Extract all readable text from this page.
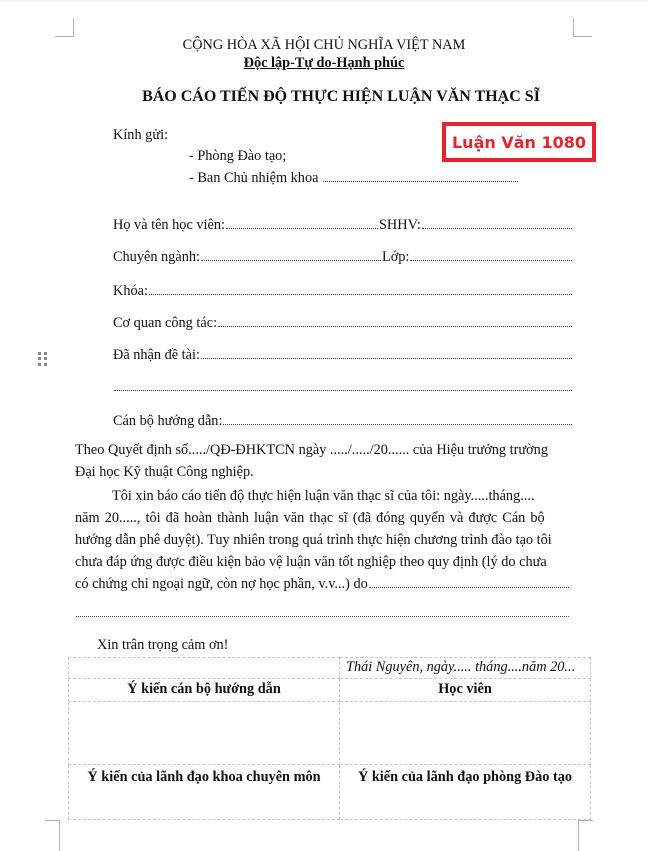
CỘNG HÒA XÃ HỘI CHỦ NGHĨA VIỆT NAM
Độc lập-Tự do-Hạnh phúc
BÁO CÁO TIẾN ĐỘ THỰC HIỆN LUẬN VĂN THẠC SĨ
Kính gửi:
- Phòng Đào tạo;
- Ban Chủ nhiệm khoa
Luận Văn 1080
Họ và tên học viên:	SHHV:
Chuyên ngành:	Lớp:
Khóa:
Cơ quan công tác:
Đã nhận đề tài:
Cán bộ hướng dẫn:
Theo Quyết định số...../QĐ-ĐHKTCN ngày ...../...../20...... của Hiệu trưởng trường
Đại học Kỹ thuật Công nghiệp.
Tôi xin báo cáo tiến độ thực hiện luận văn thạc sĩ của tôi: ngày.....tháng....
năm 20....., tôi đã hoàn thành luận văn thạc sĩ (đã đóng quyển và được Cán bộ
hướng dẫn phê duyệt). Tuy nhiên trong quá trình thực hiện chương trình đào tạo tôi
chưa đáp ứng được điều kiện bảo vệ luận văn tốt nghiệp theo quy định (lý do chưa
có chứng chỉ ngoại ngữ, còn nợ học phần, v.v...) do
Xin trân trọng cảm ơn!
	Thái Nguyên, ngày..... tháng....năm 20...
Ý kiến cán bộ hướng dẫn	Học viên

Ý kiến của lãnh đạo khoa chuyên môn	Ý kiến của lãnh đạo phòng Đào tạo
